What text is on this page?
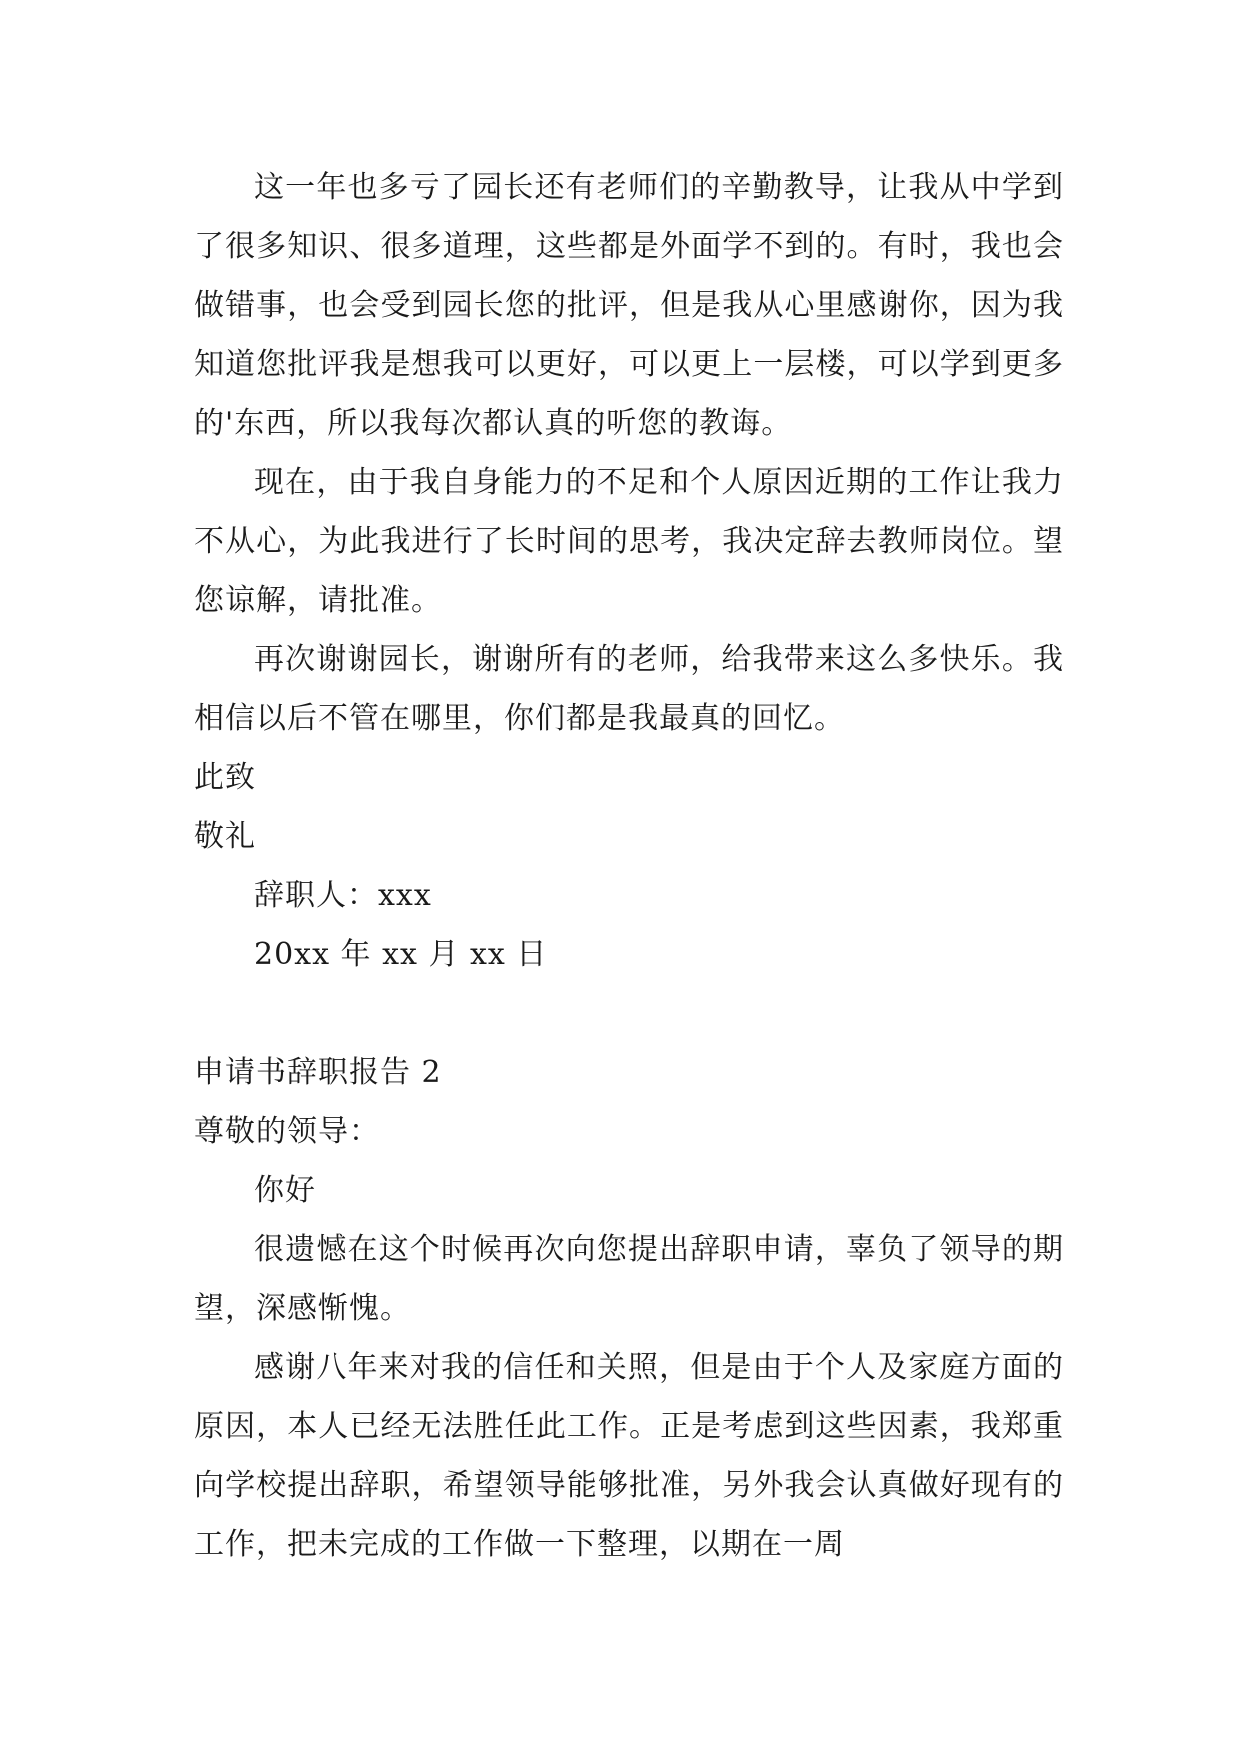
这一年也多亏了园长还有老师们的辛勤教导，让我从中学到了很多知识、很多道理，这些都是外面学不到的。有时，我也会做错事，也会受到园长您的批评，但是我从心里感谢你，因为我知道您批评我是想我可以更好，可以更上一层楼，可以学到更多的'东西，所以我每次都认真的听您的教诲。

现在，由于我自身能力的不足和个人原因近期的工作让我力不从心，为此我进行了长时间的思考，我决定辞去教师岗位。望您谅解，请批准。

再次谢谢园长，谢谢所有的老师，给我带来这么多快乐。我相信以后不管在哪里，你们都是我最真的回忆。

此致

敬礼

辞职人：xxx

20xx 年 xx 月 xx 日

申请书辞职报告 2

尊敬的领导：

你好

很遗憾在这个时候再次向您提出辞职申请，辜负了领导的期望，深感惭愧。

感谢八年来对我的信任和关照，但是由于个人及家庭方面的原因，本人已经无法胜任此工作。正是考虑到这些因素，我郑重向学校提出辞职，希望领导能够批准，另外我会认真做好现有的工作，把未完成的工作做一下整理，以期在一周
